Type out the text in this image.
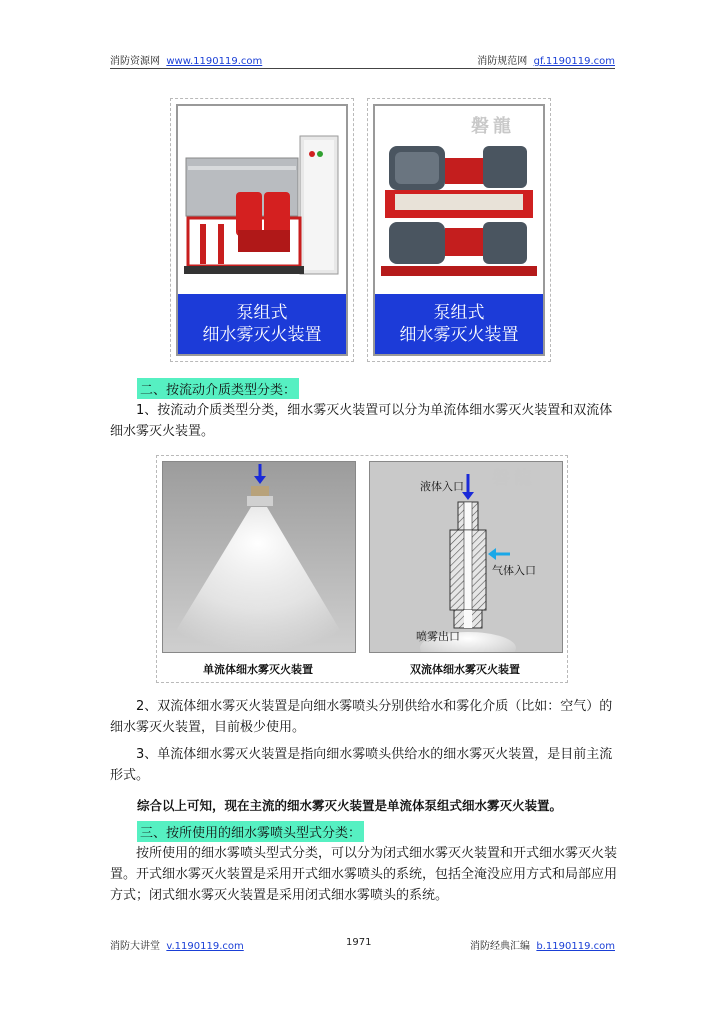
消防资源网 www.1190119.com	消防规范网 gf.1190119.com
泵组式
细水雾灭火装置
磐龍
泵组式
细水雾灭火装置
二、按流动介质类型分类：
1、按流动介质类型分类，细水雾灭火装置可以分为单流体细水雾灭火装置和双流体细水雾灭火装置。
单流体细水雾灭火装置
液体入口
气体入口
喷雾出口
磐龍
双流体细水雾灭火装置
2、双流体细水雾灭火装置是向细水雾喷头分别供给水和雾化介质（比如：空气）的细水雾灭火装置，目前极少使用。
3、单流体细水雾灭火装置是指向细水雾喷头供给水的细水雾灭火装置，是目前主流形式。
综合以上可知，现在主流的细水雾灭火装置是单流体泵组式细水雾灭火装置。
三、按所使用的细水雾喷头型式分类：
按所使用的细水雾喷头型式分类，可以分为闭式细水雾灭火装置和开式细水雾灭火装置。开式细水雾灭火装置是采用开式细水雾喷头的系统，包括全淹没应用方式和局部应用方式；闭式细水雾灭火装置是采用闭式细水雾喷头的系统。
消防大讲堂 v.1190119.com	1971	消防经典汇编 b.1190119.com
